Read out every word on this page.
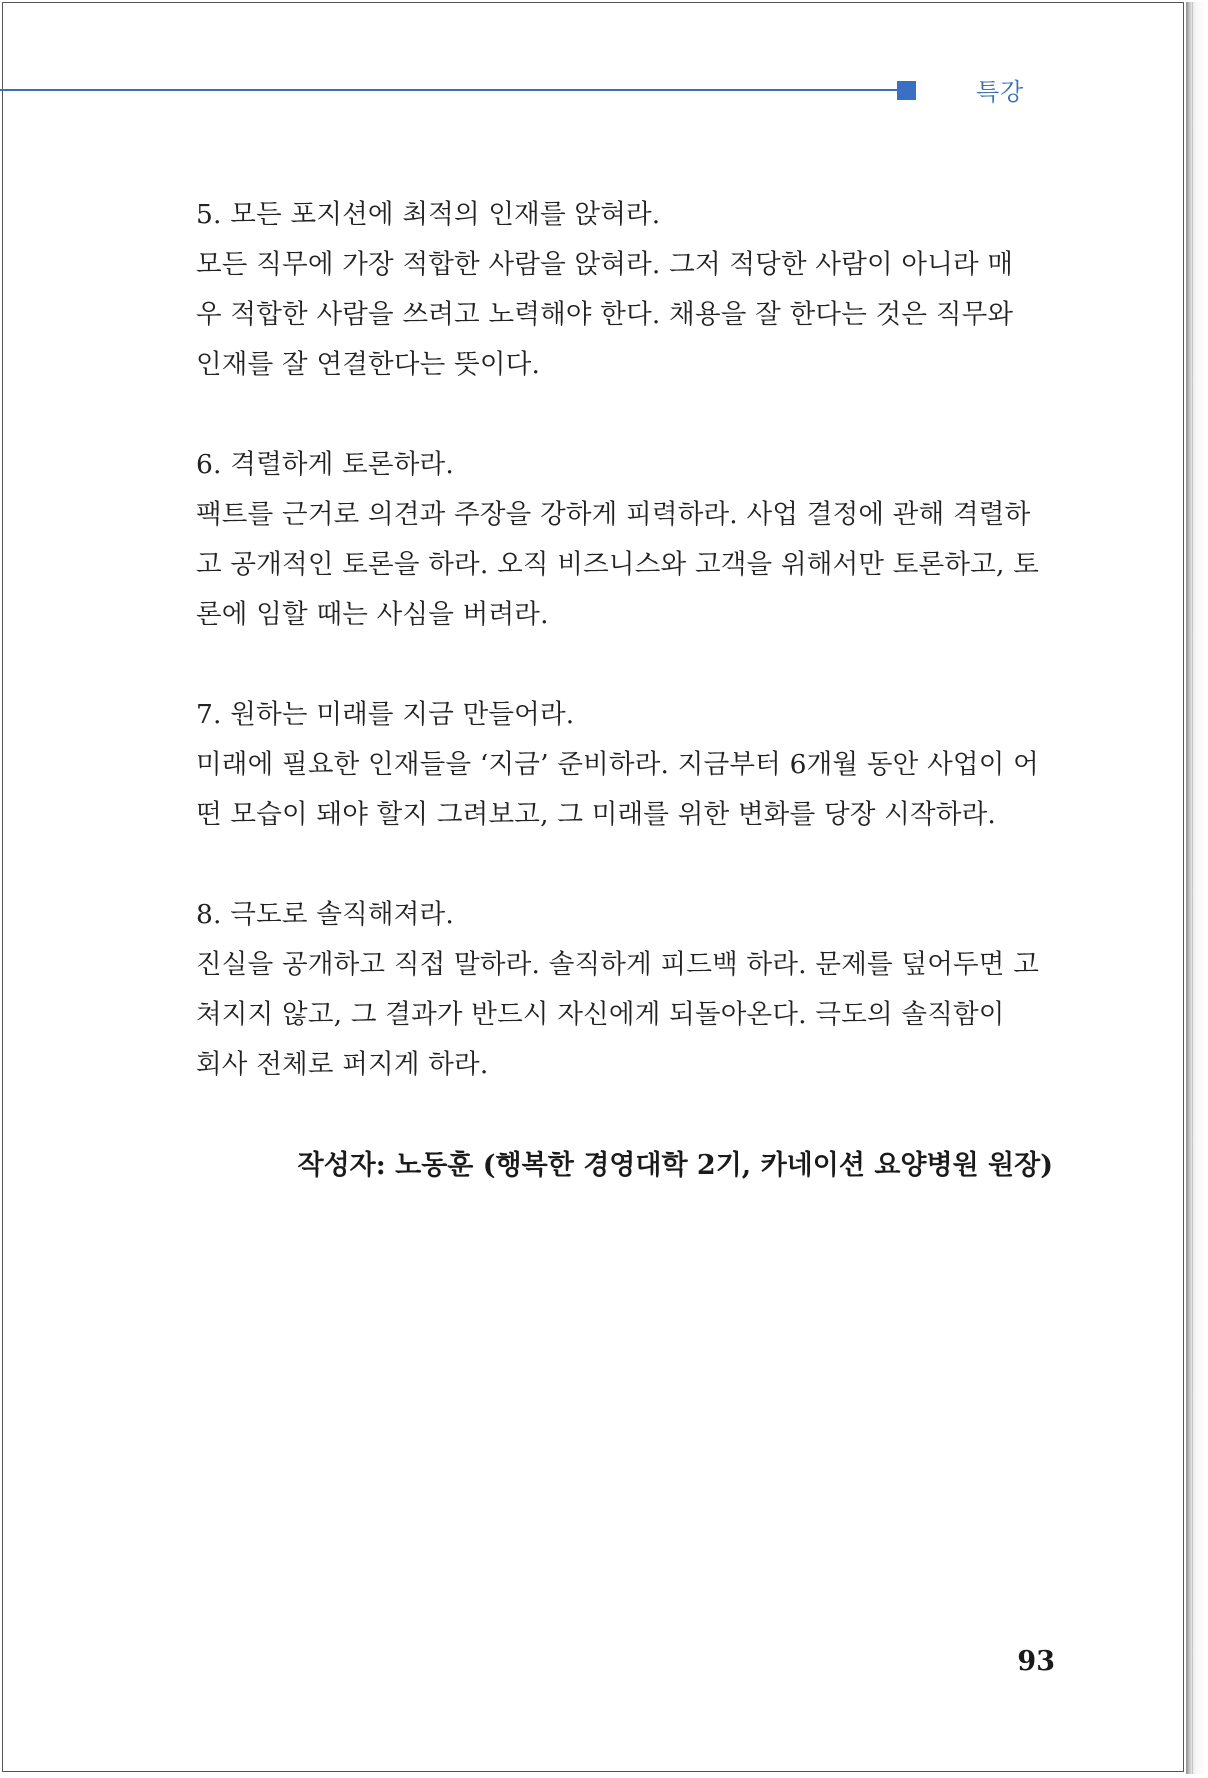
특강

5. 모든 포지션에 최적의 인재를 앉혀라.

모든 직무에 가장 적합한 사람을 앉혀라. 그저 적당한 사람이 아니라 매

우 적합한 사람을 쓰려고 노력해야 한다. 채용을 잘 한다는 것은 직무와

인재를 잘 연결한다는 뜻이다.

6. 격렬하게 토론하라.

팩트를 근거로 의견과 주장을 강하게 피력하라. 사업 결정에 관해 격렬하

고 공개적인 토론을 하라. 오직 비즈니스와 고객을 위해서만 토론하고, 토

론에 임할 때는 사심을 버려라.

7. 원하는 미래를 지금 만들어라.

미래에 필요한 인재들을 ‘지금’ 준비하라. 지금부터 6개월 동안 사업이 어

떤 모습이 돼야 할지 그려보고, 그 미래를 위한 변화를 당장 시작하라.

8. 극도로 솔직해져라.

진실을 공개하고 직접 말하라. 솔직하게 피드백 하라. 문제를 덮어두면 고

쳐지지 않고, 그 결과가 반드시 자신에게 되돌아온다. 극도의 솔직함이

회사 전체로 퍼지게 하라.

작성자: 노동훈 (행복한 경영대학 2기, 카네이션 요양병원 원장)
93
